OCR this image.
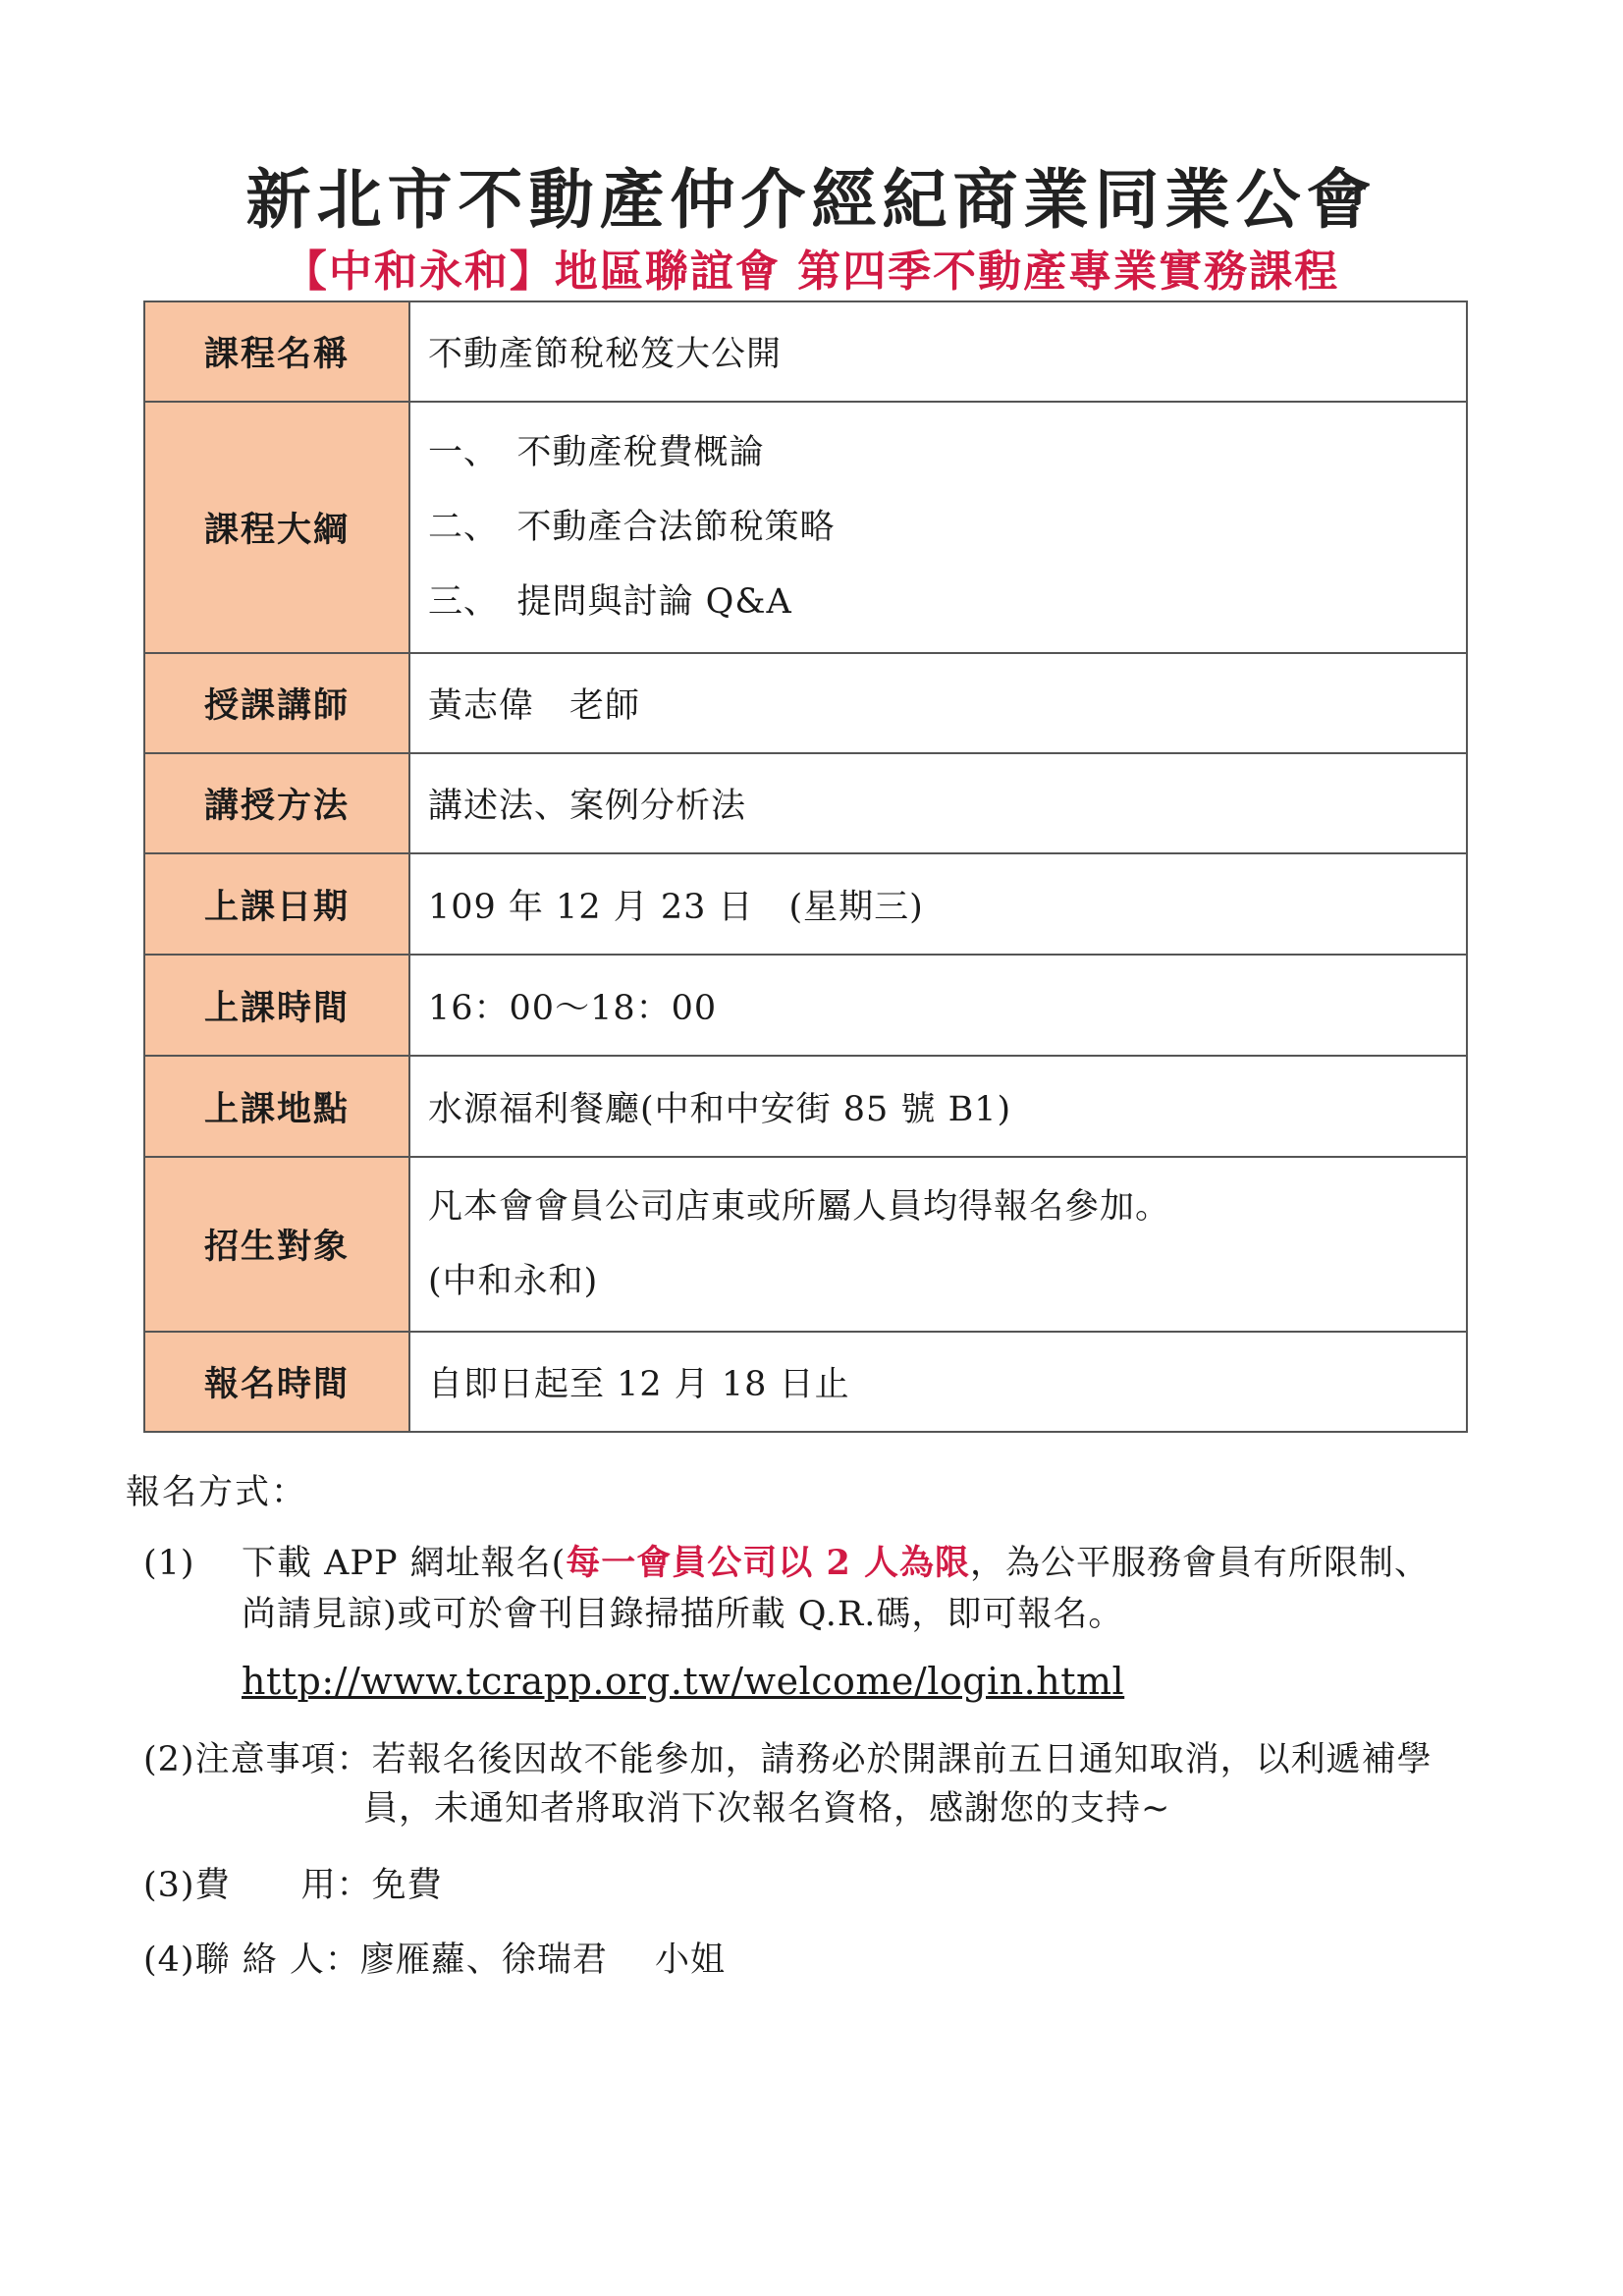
新北市不動產仲介經紀商業同業公會
【中和永和】地區聯誼會 第四季不動產專業實務課程
課程名稱	不動產節稅秘笈大公開
課程大綱	一、　不動產稅費概論
二、　不動產合法節稅策略
三、　提問與討論 Q&A

授課講師	黃志偉　老師
講授方法	講述法、案例分析法
上課日期	109 年 12 月 23 日　(星期三)
上課時間	16：00～18：00
上課地點	水源福利餐廳(中和中安街 85 號 B1)
招生對象	凡本會會員公司店東或所屬人員均得報名參加。
(中和永和)

報名時間	自即日起至 12 月 18 日止
報名方式：
(1) 下載 APP 網址報名(每一會員公司以 2 人為限，為公平服務會員有所限制、
尚請見諒)或可於會刊目錄掃描所載 Q.R.碼，即可報名。
http://www.tcrapp.org.tw/welcome/login.html
(2)注意事項：若報名後因故不能參加，請務必於開課前五日通知取消，以利遞補學
員，未通知者將取消下次報名資格，感謝您的支持~
(3)費　　用：免費
(4)聯 絡 人：廖雁蘿、徐瑞君　 小姐
